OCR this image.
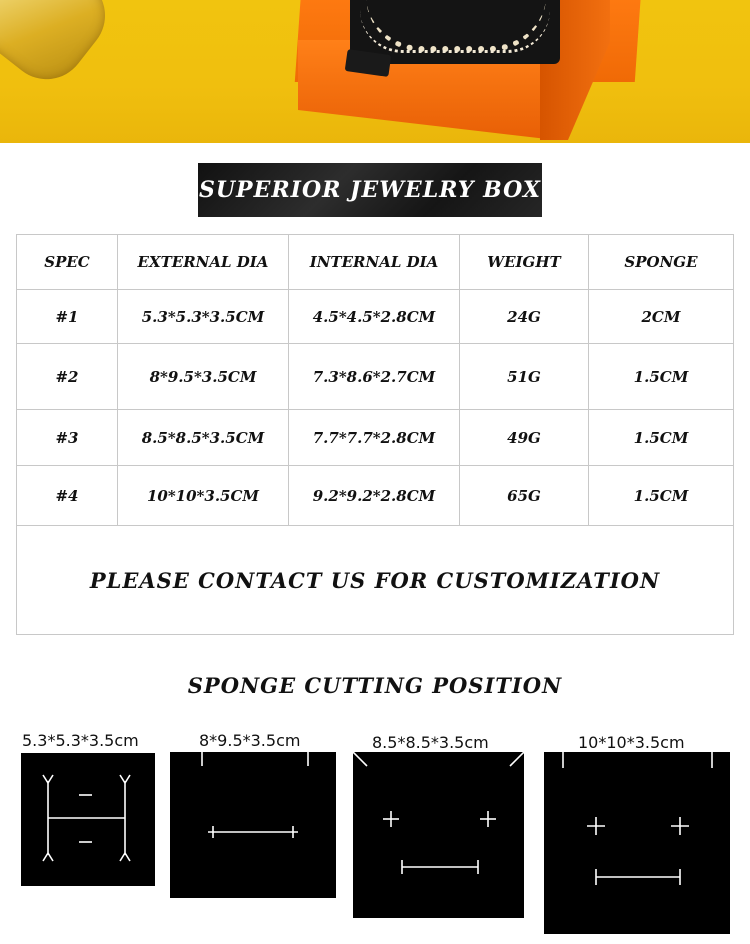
SUPERIOR JEWELRY BOX
SPEC	EXTERNAL DIA	INTERNAL DIA	WEIGHT	SPONGE
#1	5.3*5.3*3.5CM	4.5*4.5*2.8CM	24G	2CM
#2	8*9.5*3.5CM	7.3*8.6*2.7CM	51G	1.5CM
#3	8.5*8.5*3.5CM	7.7*7.7*2.8CM	49G	1.5CM
#4	10*10*3.5CM	9.2*9.2*2.8CM	65G	1.5CM
PLEASE CONTACT US FOR CUSTOMIZATION				
SPONGE CUTTING POSITION
5.3*5.3*3.5cm	8*9.5*3.5cm	8.5*8.5*3.5cm	10*10*3.5cm
